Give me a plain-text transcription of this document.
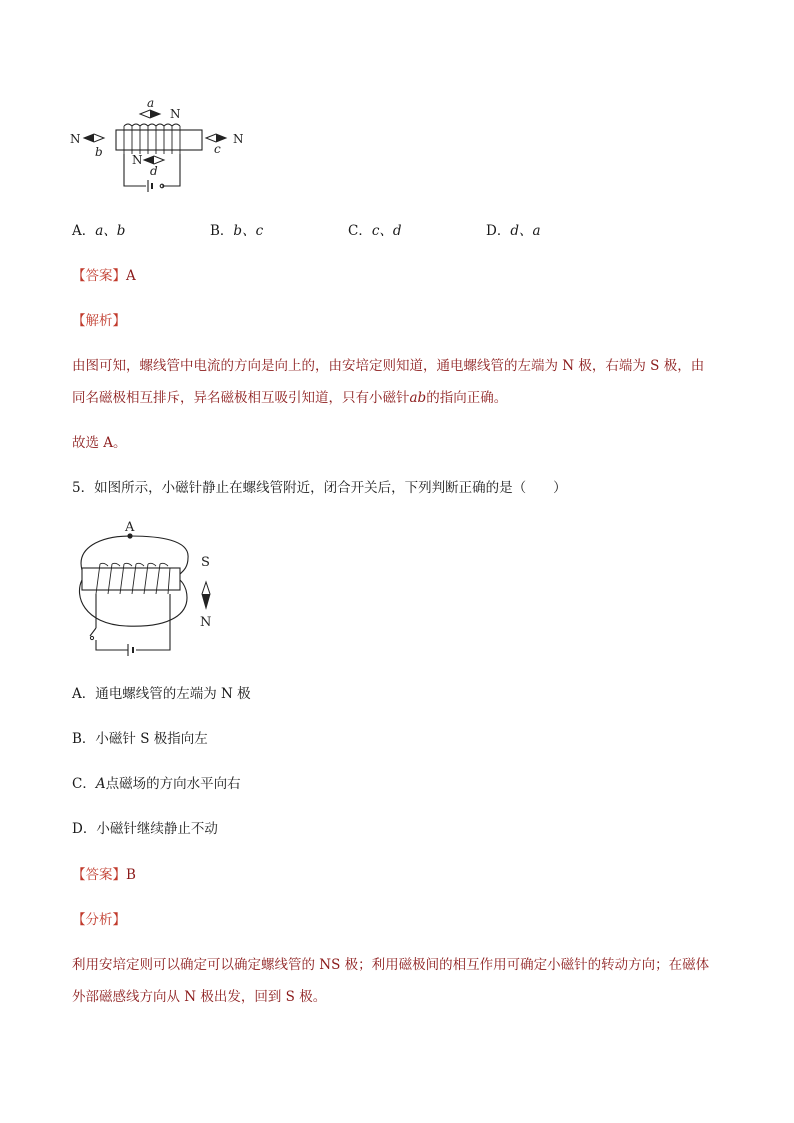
a
N
N
b
N
c
N
d
A．a、b	B．b、c	C．c、d	D．d、a
【答案】A
【解析】
由图可知，螺线管中电流的方向是向上的，由安培定则知道，通电螺线管的左端为 N 极，右端为 S 极，由
同名磁极相互排斥，异名磁极相互吸引知道，只有小磁针ab的指向正确。
故选 A。
5．如图所示，小磁针静止在螺线管附近，闭合开关后，下列判断正确的是（　　）
A
S
N
A．通电螺线管的左端为 N 极
B．小磁针 S 极指向左
C．A点磁场的方向水平向右
D．小磁针继续静止不动
【答案】B
【分析】
利用安培定则可以确定可以确定螺线管的 NS 极；利用磁极间的相互作用可确定小磁针的转动方向；在磁体
外部磁感线方向从 N 极出发，回到 S 极。
